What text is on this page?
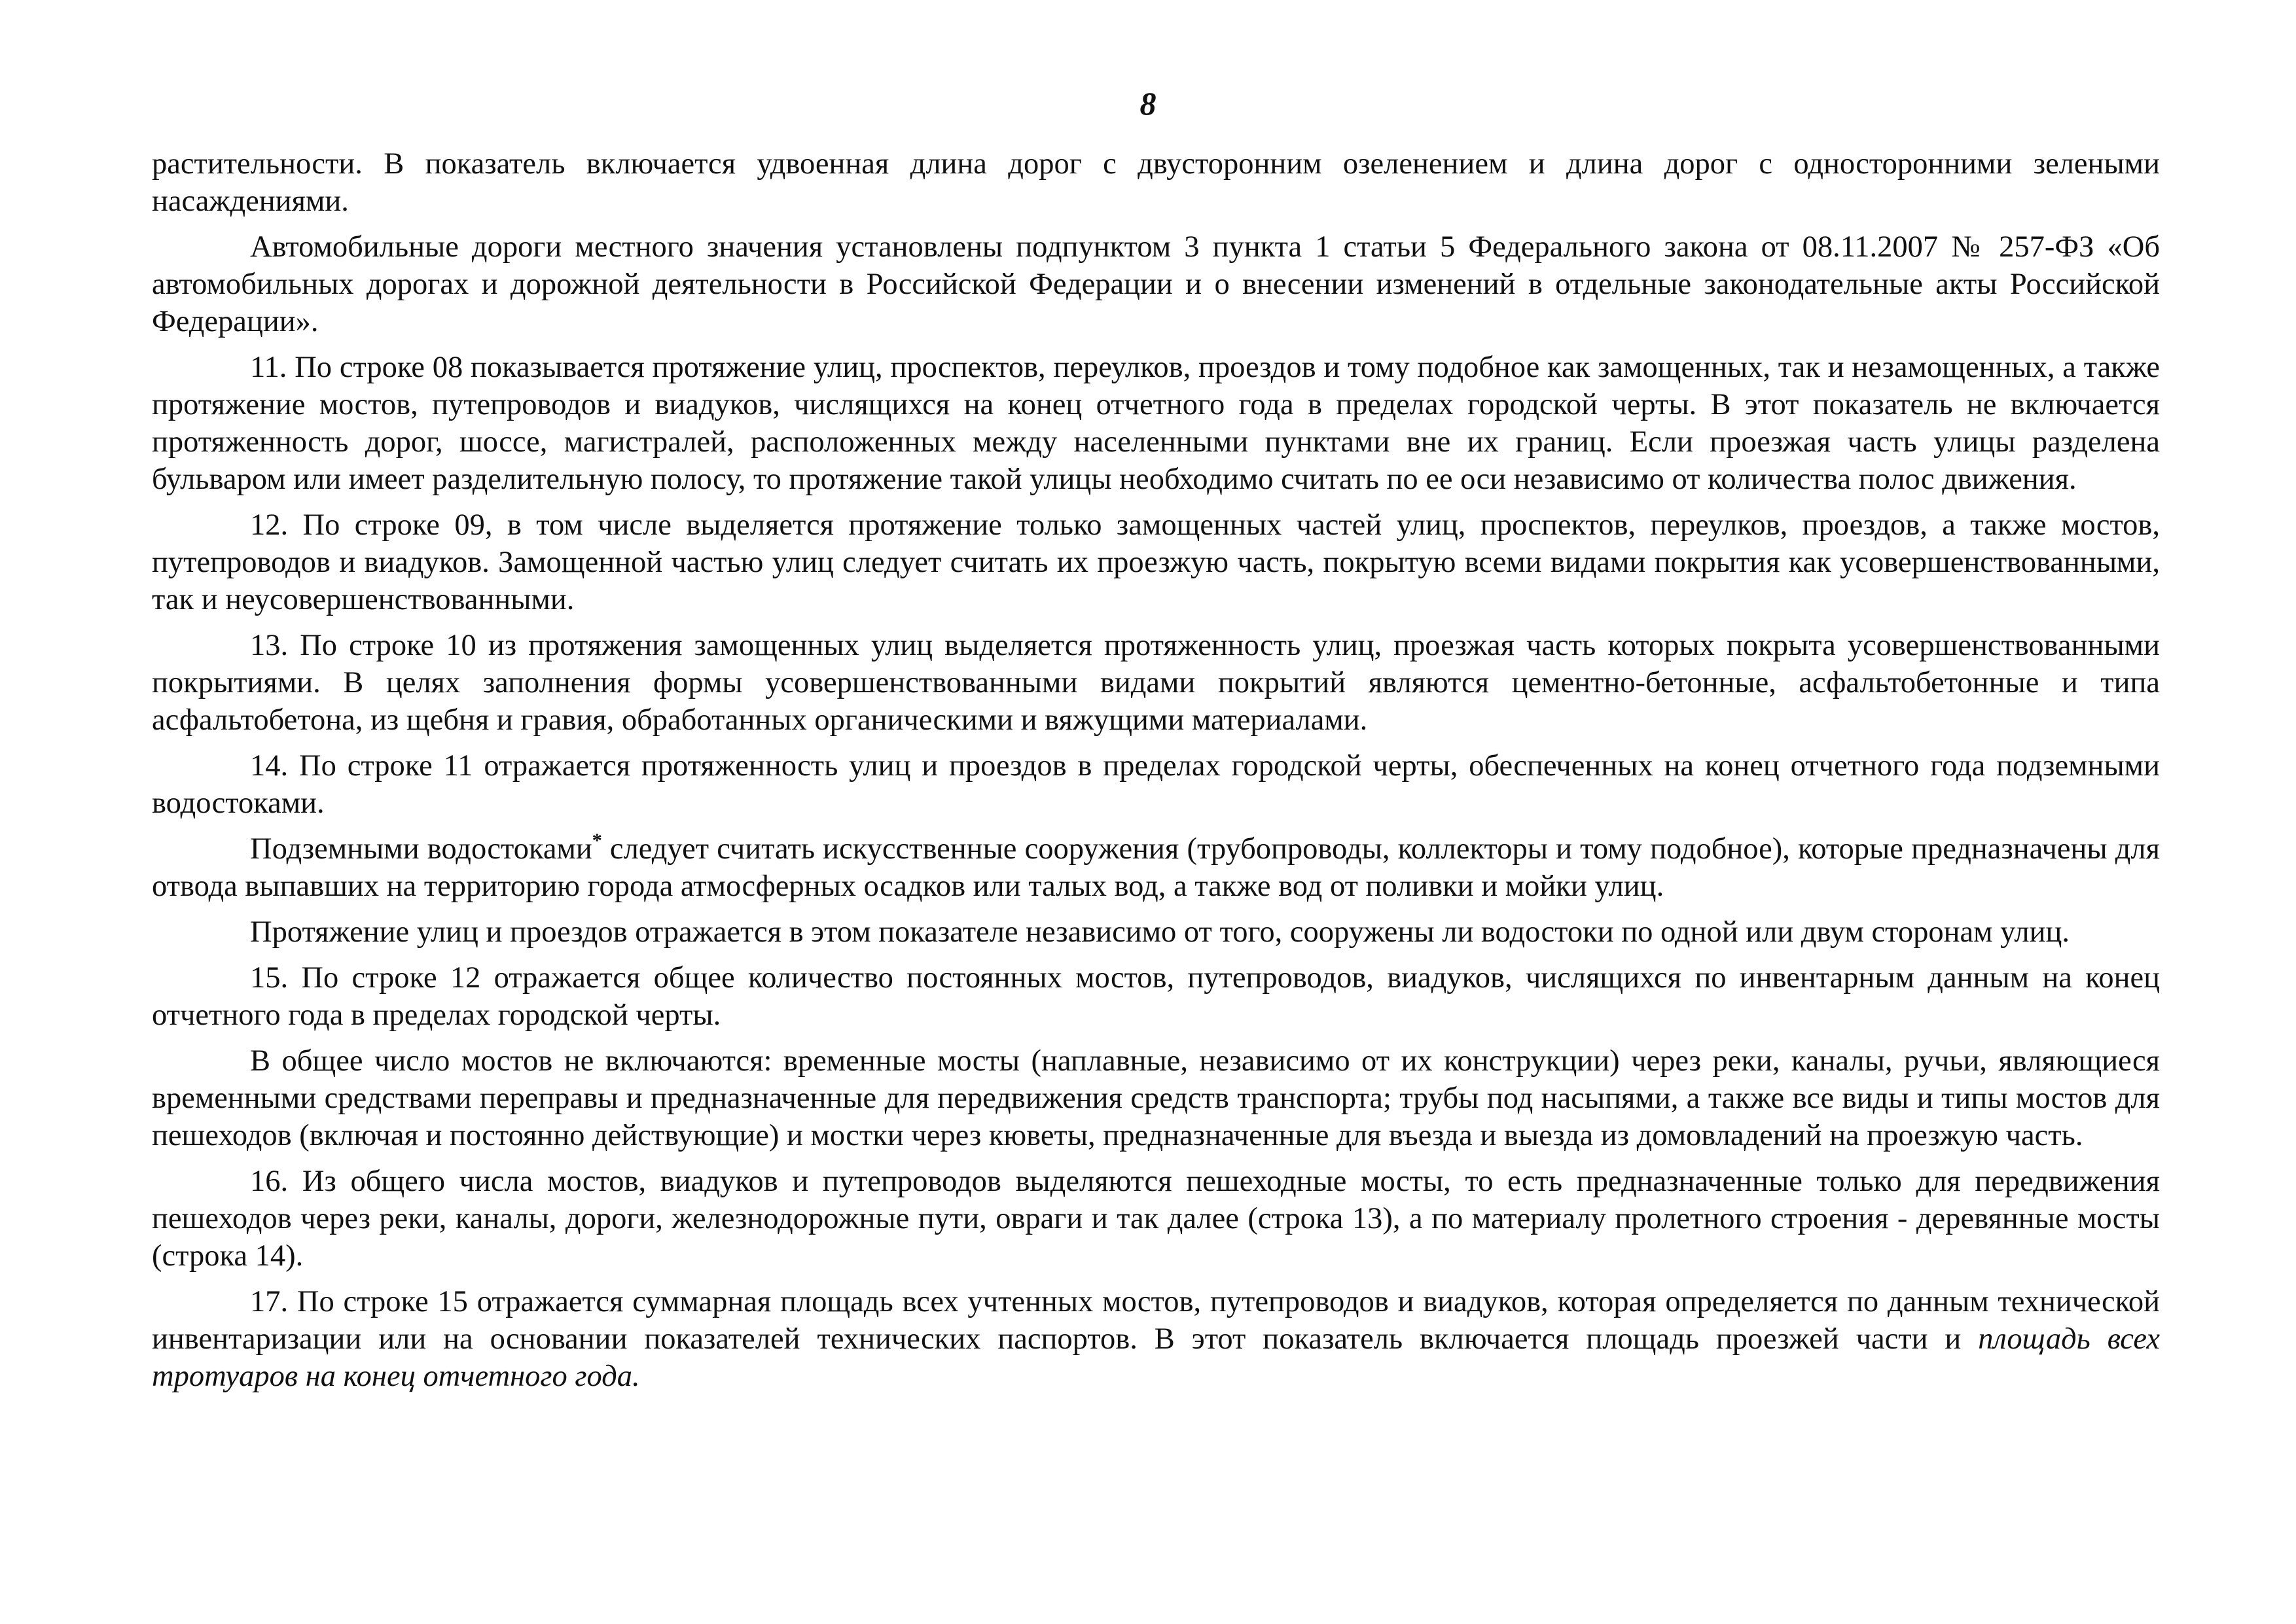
8

растительности. В показатель включается удвоенная длина дорог с двусторонним озеленением и длина дорог с односторонними зелеными насаждениями.

Автомобильные дороги местного значения установлены подпунктом 3 пункта 1 статьи 5 Федерального закона от 08.11.2007 № 257-ФЗ «Об автомобильных дорогах и дорожной деятельности в Российской Федерации и о внесении изменений в отдельные законодательные акты Российской Федерации».

11. По строке 08 показывается протяжение улиц, проспектов, переулков, проездов и тому подобное как замощенных, так и незамощенных, а также протяжение мостов, путепроводов и виадуков, числящихся на конец отчетного года в пределах городской черты. В этот показатель не включается протяженность дорог, шоссе, магистралей, расположенных между населенными пунктами вне их границ. Если проезжая часть улицы разделена бульваром или имеет разделительную полосу, то протяжение такой улицы необходимо считать по ее оси независимо от количества полос движения.

12. По строке 09, в том числе выделяется протяжение только замощенных частей улиц, проспектов, переулков, проездов, а также мостов, путепроводов и виадуков. Замощенной частью улиц следует считать их проезжую часть, покрытую всеми видами покрытия как усовершенствованными, так и неусовершенствованными.

13. По строке 10 из протяжения замощенных улиц выделяется протяженность улиц, проезжая часть которых покрыта усовершенствованными покрытиями. В целях заполнения формы усовершенствованными видами покрытий являются цементно-бетонные, асфальтобетонные и типа асфальтобетона, из щебня и гравия, обработанных органическими и вяжущими материалами.

14. По строке 11 отражается протяженность улиц и проездов в пределах городской черты, обеспеченных на конец отчетного года подземными водостоками.

Подземными водостоками* следует считать искусственные сооружения (трубопроводы, коллекторы и тому подобное), которые предназначены для отвода выпавших на территорию города атмосферных осадков или талых вод, а также вод от поливки и мойки улиц.

Протяжение улиц и проездов отражается в этом показателе независимо от того, сооружены ли водостоки по одной или двум сторонам улиц.

15. По строке 12 отражается общее количество постоянных мостов, путепроводов, виадуков, числящихся по инвентарным данным на конец отчетного года в пределах городской черты.

В общее число мостов не включаются: временные мосты (наплавные, независимо от их конструкции) через реки, каналы, ручьи, являющиеся временными средствами переправы и предназначенные для передвижения средств транспорта; трубы под насыпями, а также все виды и типы мостов для пешеходов (включая и постоянно действующие) и мостки через кюветы, предназначенные для въезда и выезда из домовладений на проезжую часть.

16. Из общего числа мостов, виадуков и путепроводов выделяются пешеходные мосты, то есть предназначенные только для передвижения пешеходов через реки, каналы, дороги, железнодорожные пути, овраги и так далее (строка 13), а по материалу пролетного строения - деревянные мосты (строка 14).

17. По строке 15 отражается суммарная площадь всех учтенных мостов, путепроводов и виадуков, которая определяется по данным технической инвентаризации или на основании показателей технических паспортов. В этот показатель включается площадь проезжей части и площадь всех тротуаров на конец отчетного года.
